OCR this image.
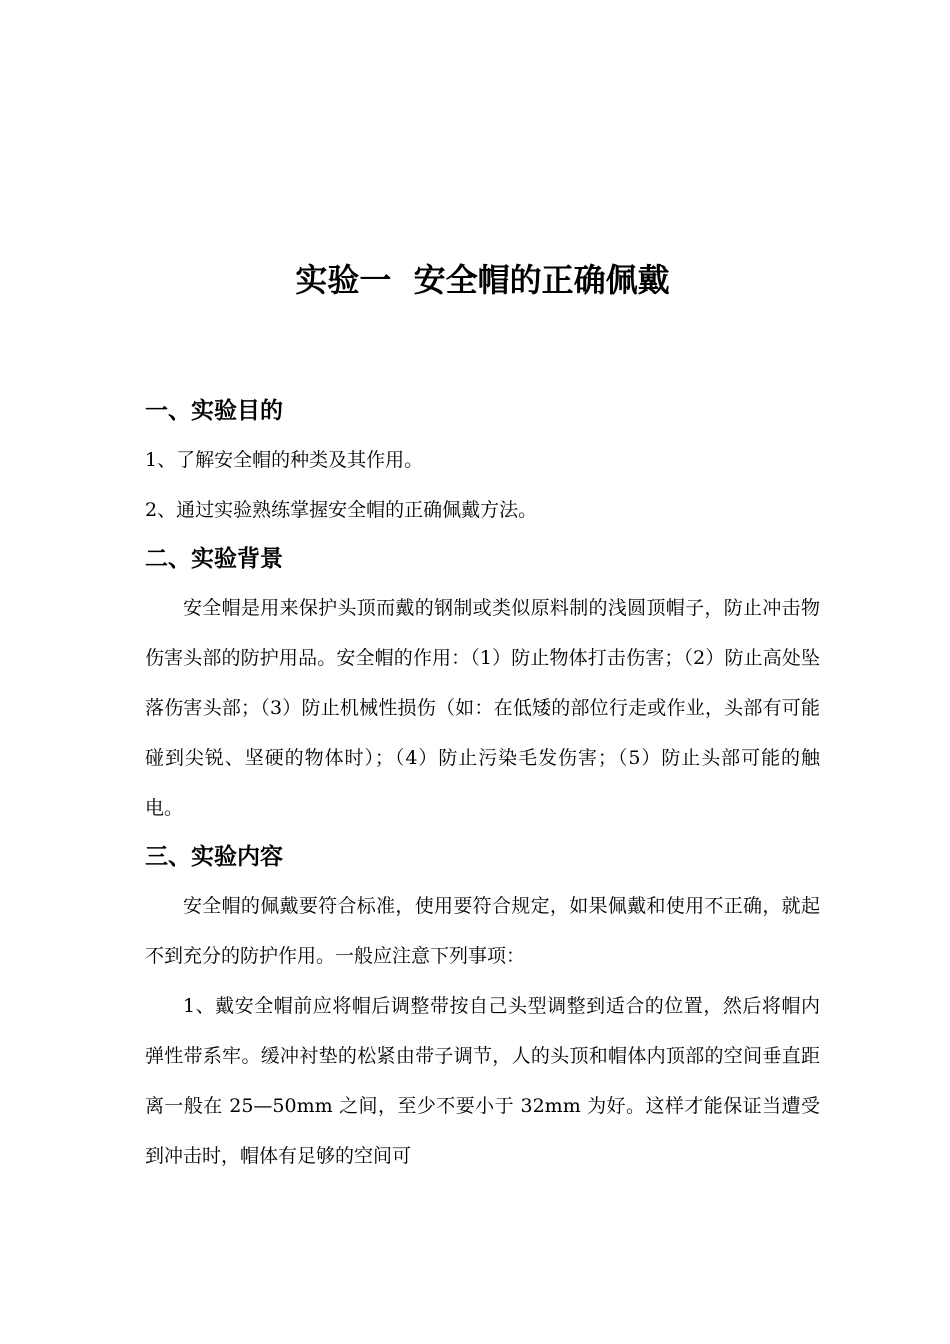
实验一  安全帽的正确佩戴
一、实验目的

1、了解安全帽的种类及其作用。

2、通过实验熟练掌握安全帽的正确佩戴方法。

二、实验背景

安全帽是用来保护头顶而戴的钢制或类似原料制的浅圆顶帽子，防止冲击物伤害头部的防护用品。安全帽的作用：（1）防止物体打击伤害；（2）防止高处坠落伤害头部；（3）防止机械性损伤（如：在低矮的部位行走或作业，头部有可能碰到尖锐、坚硬的物体时）；（4）防止污染毛发伤害；（5）防止头部可能的触电。

三、实验内容

安全帽的佩戴要符合标准，使用要符合规定，如果佩戴和使用不正确，就起不到充分的防护作用。一般应注意下列事项：

1、戴安全帽前应将帽后调整带按自己头型调整到适合的位置，然后将帽内弹性带系牢。缓冲衬垫的松紧由带子调节，人的头顶和帽体内顶部的空间垂直距离一般在 25—50mm 之间，至少不要小于 32mm 为好。这样才能保证当遭受到冲击时，帽体有足够的空间可
